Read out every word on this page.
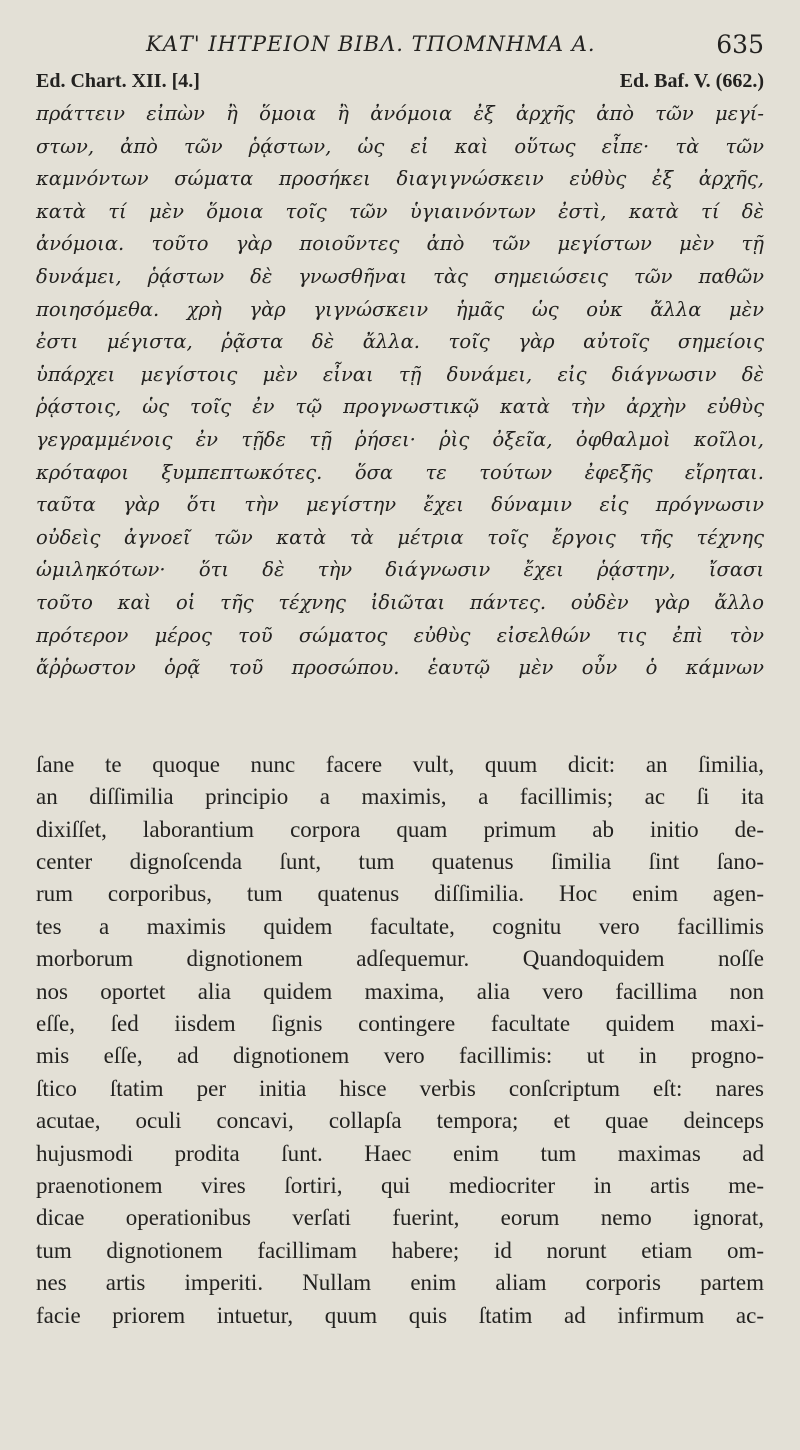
ΚΑΤ' ΙΗΤΡΕΙΟΝ ΒΙΒΛ. ΤΠΟΜΝΗΜΑ Α.	635
Ed. Chart. XII. [4.]	Ed. Baf. V. (662.)
πράττειν εἰπὼν ἢ ὅμοια ἢ ἀνόμοια ἐξ ἀρχῆς ἀπὸ τῶν μεγί-
στων, ἀπὸ τῶν ῥᾴστων, ὡς εἰ καὶ οὕτως εἶπε· τὰ τῶν
καμνόντων σώματα προσήκει διαγιγνώσκειν εὐθὺς ἐξ ἀρχῆς,
κατὰ τί μὲν ὅμοια τοῖς τῶν ὑγιαινόντων ἐστὶ, κατὰ τί δὲ
ἀνόμοια. τοῦτο γὰρ ποιοῦντες ἀπὸ τῶν μεγίστων μὲν τῇ
δυνάμει, ῥᾴστων δὲ γνωσθῆναι τὰς σημειώσεις τῶν παθῶν
ποιησόμεθα. χρὴ γὰρ γιγνώσκειν ἡμᾶς ὡς οὐκ ἄλλα μὲν
ἐστι μέγιστα, ῥᾷστα δὲ ἄλλα. τοῖς γὰρ αὐτοῖς σημείοις
ὑπάρχει μεγίστοις μὲν εἶναι τῇ δυνάμει, εἰς διάγνωσιν δὲ
ῥᾴστοις, ὡς τοῖς ἐν τῷ προγνωστικῷ κατὰ τὴν ἀρχὴν εὐθὺς
γεγραμμένοις ἐν τῇδε τῇ ῥήσει· ῥὶς ὀξεῖα, ὀφθαλμοὶ κοῖλοι,
κρόταφοι ξυμπεπτωκότες. ὅσα τε τούτων ἐφεξῆς εἴρηται.
ταῦτα γὰρ ὅτι τὴν μεγίστην ἔχει δύναμιν εἰς πρόγνωσιν
οὐδεὶς ἀγνοεῖ τῶν κατὰ τὰ μέτρια τοῖς ἔργοις τῆς τέχνης
ὡμιληκότων· ὅτι δὲ τὴν διάγνωσιν ἔχει ῥᾴστην, ἴσασι
τοῦτο καὶ οἱ τῆς τέχνης ἰδιῶται πάντες. οὐδὲν γὰρ ἄλλο
πρότερον μέρος τοῦ σώματος εὐθὺς εἰσελθών τις ἐπὶ τὸν
ἄῤῥωστον ὁρᾷ τοῦ προσώπου. ἑαυτῷ μὲν οὖν ὁ κάμνων
ſane te quoque nunc facere vult, quum dicit: an ſimilia,
an diſſimilia principio a maximis, a facillimis; ac ſi ita
dixiſſet, laborantium corpora quam primum ab initio de-
center dignoſcenda ſunt, tum quatenus ſimilia ſint ſano-
rum corporibus, tum quatenus diſſimilia. Hoc enim agen-
tes a maximis quidem facultate, cognitu vero facillimis
morborum dignotionem adſequemur. Quandoquidem noſſe
nos oportet alia quidem maxima, alia vero facillima non
eſſe, ſed iisdem ſignis contingere facultate quidem maxi-
mis eſſe, ad dignotionem vero facillimis: ut in progno-
ſtico ſtatim per initia hisce verbis conſcriptum eſt: nares
acutae, oculi concavi, collapſa tempora; et quae deinceps
hujusmodi prodita ſunt. Haec enim tum maximas ad
praenotionem vires ſortiri, qui mediocriter in artis me-
dicae operationibus verſati fuerint, eorum nemo ignorat,
tum dignotionem facillimam habere; id norunt etiam om-
nes artis imperiti. Nullam enim aliam corporis partem
facie priorem intuetur, quum quis ſtatim ad infirmum ac-
